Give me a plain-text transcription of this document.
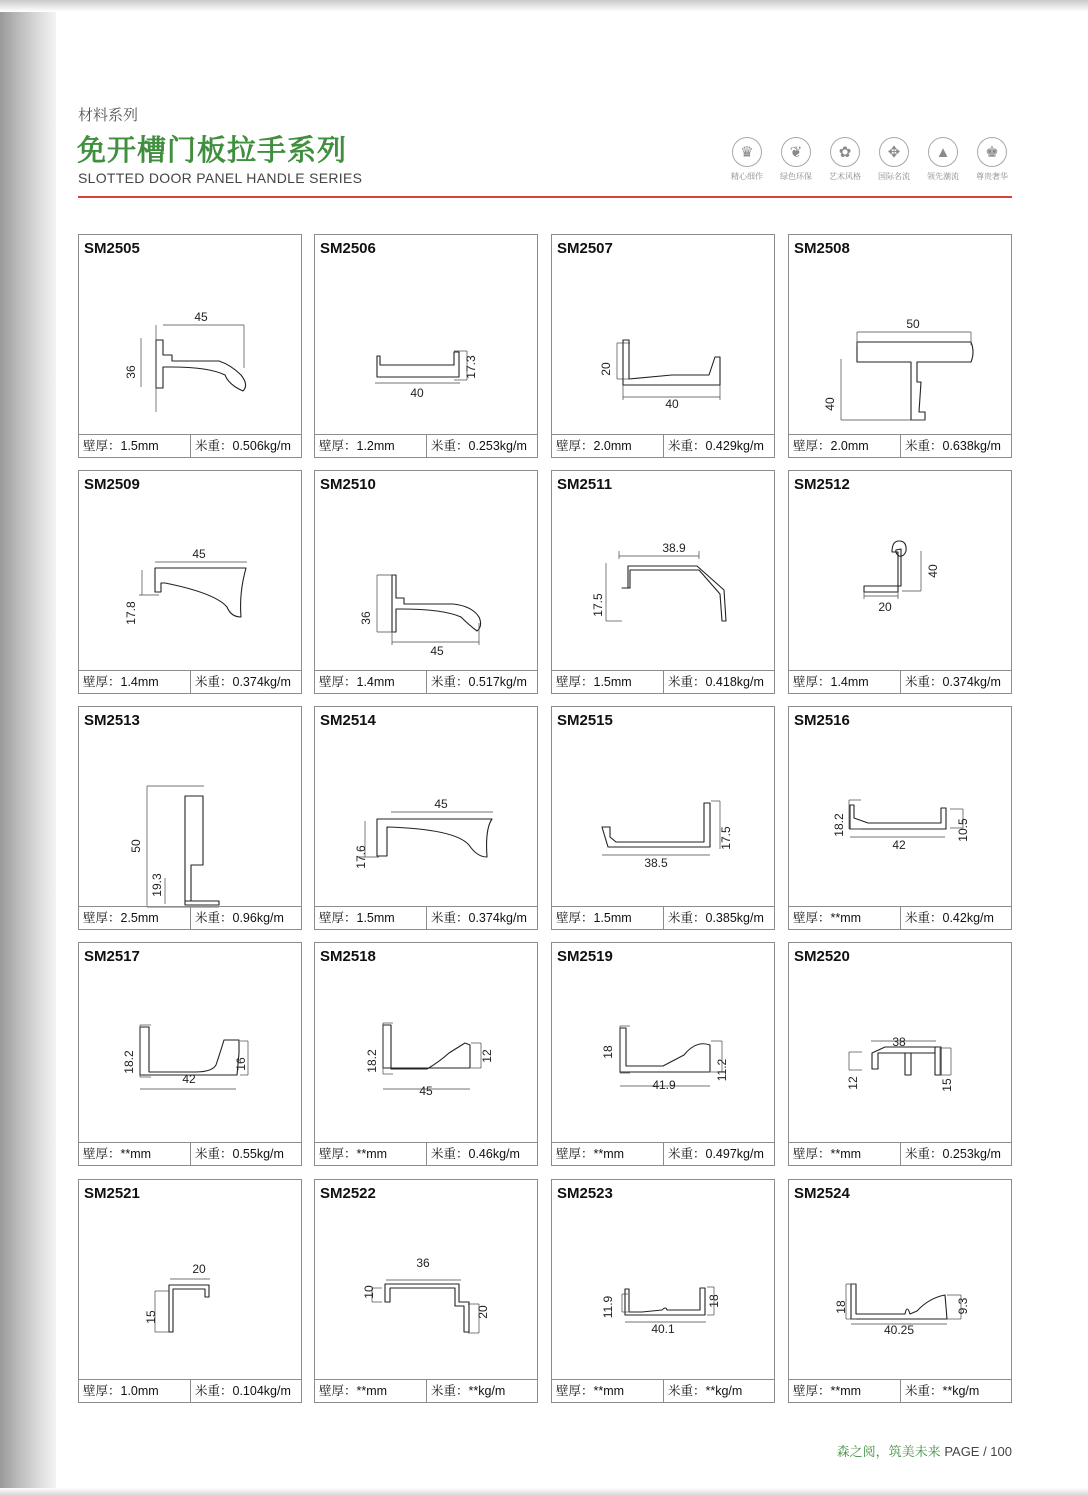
材料系列
免开槽门板拉手系列
SLOTTED DOOR PANEL HANDLE SERIES
♛
精心细作
❦
绿色环保
✿
艺术风格
✥
国际名流
▲
领先潮流
♚
尊贵奢华
SM2505
45
36
壁厚：1.5mm	米重：0.506kg/m
SM2506
17.3
40
壁厚：1.2mm	米重：0.253kg/m
SM2507
20
40
壁厚：2.0mm	米重：0.429kg/m
SM2508
50
40
壁厚：2.0mm	米重：0.638kg/m
SM2509
45
17.8
壁厚：1.4mm	米重：0.374kg/m
SM2510
36
45
壁厚：1.4mm	米重：0.517kg/m
SM2511
38.9
17.5
壁厚：1.5mm	米重：0.418kg/m
SM2512
40
20
壁厚：1.4mm	米重：0.374kg/m
SM2513
50
19.3
壁厚：2.5mm	米重：0.96kg/m
SM2514
45
17.6
壁厚：1.5mm	米重：0.374kg/m
SM2515
17.5
38.5
壁厚：1.5mm	米重：0.385kg/m
SM2516
18.2	10.5
42
壁厚：**mm	米重：0.42kg/m
SM2517
18.2	16
42
壁厚：**mm	米重：0.55kg/m
SM2518
18.2	12
45
壁厚：**mm	米重：0.46kg/m
SM2519
18
11.2
41.9
壁厚：**mm	米重：0.497kg/m
SM2520
38
12	15
壁厚：**mm	米重：0.253kg/m
SM2521
20
15
壁厚：1.0mm	米重：0.104kg/m
SM2522
36
10
20
壁厚：**mm	米重：**kg/m
SM2523
11.9	18
40.1
壁厚：**mm	米重：**kg/m
SM2524
18	9.3
40.25
壁厚：**mm	米重：**kg/m
森之阅，筑美未来 PAGE / 100
